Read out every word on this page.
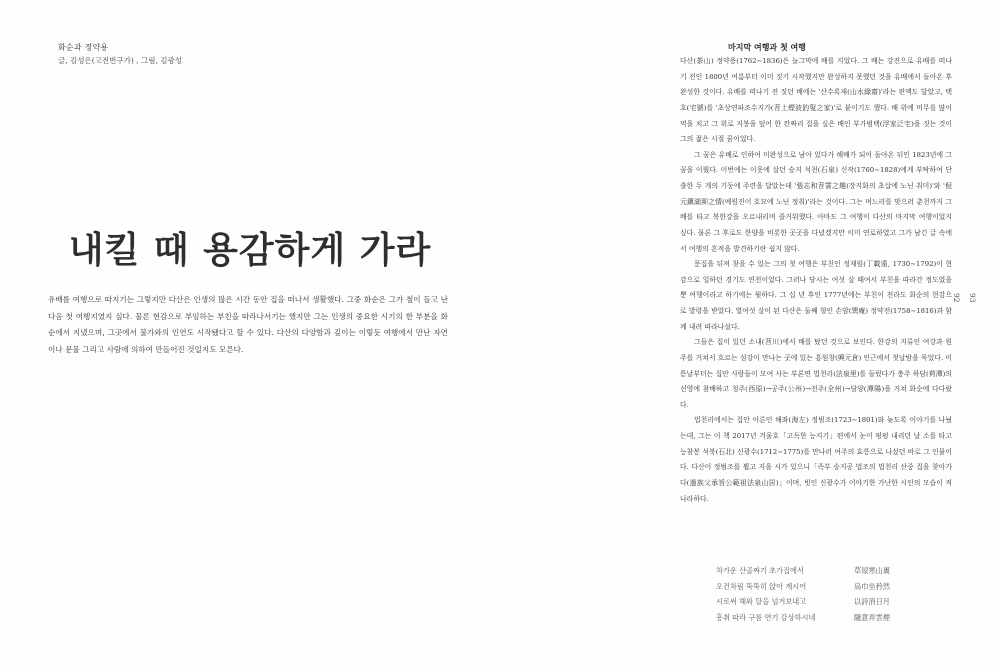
화순과 정약용
글, 김성은(고전번구가) , 그림, 김광성
내킬 때 용감하게 가라
유배를 여행으로 따지기는 그렇지만 다산은 인생의 많은 시간 동안 집을 떠나서 생활했다. 그중 화순은 그가 철이 들고 난 다음 첫 여행지였지 싶다. 물론 현감으로 부임하는 부친을 따라나서기는 했지만 그는 인생의 중요한 시기의 한 부분을 화순에서 지냈으며, 그곳에서 불가와의 인연도 시작됐다고 할 수 있다. 다산의 다양함과 깊이는 이렇듯 여행에서 만난 자연이나 문물 그리고 사람에 의하여 만들어진 것일지도 모른다.
92 93
마지막 여행과 첫 여행

다산(茶山) 정약용(1762∼1836)은 늘그막에 배를 지었다. 그 배는 강진으로 유배를 떠나기 전인 1800년 여름부터 이미 짓기 시작했지만 완성하지 못했던 것을 유배에서 돌아온 후 완성한 것이다. 유배를 떠나기 전 짓던 배에는 '산수록재(山水綠齋)'라는 편액도 달았고, 택호(宅號)를 '초상연파조수지가(苕上煙波釣叟之家)'로 붙이기도 했다. 배 위에 머무를 많이 먹을 치고 그 위로 지붕을 덮어 한 칸짜리 집을 실은 배인 부가범택(浮家泛宅)을 짓는 것이 그의 젊은 시절 꿈이었다.

그 꿈은 유배로 인하여 미완성으로 남아 있다가 해배가 되어 돌아온 뒤인 1823년에 그 꿈을 이뤘다. 이번에는 이웃에 살던 승지 석천(石泉) 신작(1760∼1828)에게 부탁하여 단출한 두 개의 기둥에 주련을 달았는데 '張志和苕霅之趣(장지화의 초삽에 노닌 취미)'와 '倪元鎭湖泖之情(예원진이 호묘에 노닌 정취)'라는 것이다. 그는 며느리를 맞으러 춘천까지 그 배를 타고 북한강을 오르내리며 즐거워했다. 아마도 그 여행이 다산의 마지막 여행이었지 싶다. 물론 그 후로도 한양을 비롯한 곳곳을 다녔겠지만 이미 연로하였고 그가 남긴 글 속에서 여행의 흔적을 발견하기란 쉽지 않다.

문집을 뒤져 찾을 수 있는 그의 첫 여행은 부친인 정재원(丁載遠, 1730∼1792)이 현감으로 일하던 경기도 연천이었다. 그러나 당시는 여섯 살 때여서 부친을 따라간 정도였을 뿐 여행이라고 하기에는 뭣하다. 그 십 년 후인 1777년에는 부친이 전라도 화순의 현감으로 발령을 받았다. 열여섯 살이 된 다산은 둘째 형인 손암(巽庵) 정약전(1758∼1816)과 함께 내려 따라나섰다.

그들은 집이 있던 소내(苕川)에서 배를 탔던 것으로 보인다. 한강의 지류인 여강과 원주를 거쳐서 흐르는 섬강이 만나는 곳에 있는 흥원창(興元倉) 인근에서 첫날밤을 묵었다. 이튿날부터는 집안 사람들이 모여 사는 부론면 법천리(法泉里)를 들렀다가 충주 하담(荷潭)의 선영에 참배하고 청주(西原)→공주(公州)→전주(全州)→담양(潭陽)을 거쳐 화순에 다다랐다.

법천리에서는 집안 어른인 해좌(海左) 정범조(1723∼1801)와 늦도록 이야기를 나눴는데, 그는 이 책 2017년 겨울호「고독한 능지기」편에서 눈이 펑펑 내리던 날 소를 타고 능참봉 석북(石北) 신광수(1712∼1775)를 만나러 여주의 효릉으로 나섰던 바로 그 인물이다. 다산이 정범조를 뵙고 지을 시가 있으니「족부 승지공 법조의 법천리 산중 집을 찾아가다(過族父承旨公範祖法泉山居)」이며, 빗인 신광수가 이야기한 가난한 시인의 모습이 적나라하다.

차가운 산골짜기 초가집에서	草屋寒山裏
오건차림 뚝뚝히 앉아 계시어	烏巾坐矜然
시로써 해와 달을 넘겨보내고	以詩消日月
흥취 따라 구름 연기 감상하시네	隨意弄雲煙
